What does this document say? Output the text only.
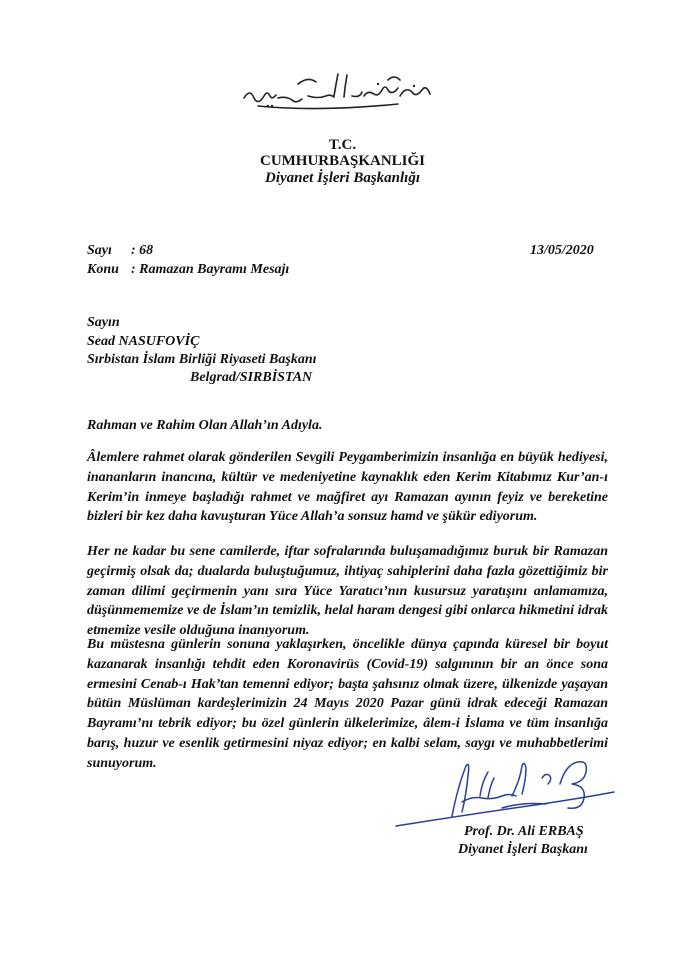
T.C.
CUMHURBAŞKANLIĞI
Diyanet İşleri Başkanlığı
Sayı : 68
Konu : Ramazan Bayramı Mesajı
13/05/2020
Sayın
Sead NASUFOVİÇ
Sırbistan İslam Birliği Riyaseti Başkanı
Belgrad/SIRBİSTAN
Rahman ve Rahim Olan Allah’ın Adıyla.

Âlemlere rahmet olarak gönderilen Sevgili Peygamberimizin insanlığa en büyük hediyesi, inananların inancına, kültür ve medeniyetine kaynaklık eden Kerim Kitabımız Kur’an-ı Kerim’in inmeye başladığı rahmet ve mağfiret ayı Ramazan ayının feyiz ve bereketine bizleri bir kez daha kavuşturan Yüce Allah’a sonsuz hamd ve şükür ediyorum.

Her ne kadar bu sene camilerde, iftar sofralarında buluşamadığımız buruk bir Ramazan geçirmiş olsak da; dualarda buluştuğumuz, ihtiyaç sahiplerini daha fazla gözettiğimiz bir zaman dilimi geçirmenin yanı sıra Yüce Yaratıcı’nın kusursuz yaratışını anlamamıza, düşünmememize ve de İslam’ın temizlik, helal haram dengesi gibi onlarca hikmetini idrak etmemize vesile olduğuna inanıyorum.

Bu müstesna günlerin sonuna yaklaşırken, öncelikle dünya çapında küresel bir boyut kazanarak insanlığı tehdit eden Koronavirüs (Covid-19) salgınının bir an önce sona ermesini Cenab-ı Hak’tan temenni ediyor; başta şahsınız olmak üzere, ülkenizde yaşayan bütün Müslüman kardeşlerimizin 24 Mayıs 2020 Pazar günü idrak edeceği Ramazan Bayramı’nı tebrik ediyor; bu özel günlerin ülkelerimize, âlem-i İslama ve tüm insanlığa barış, huzur ve esenlik getirmesini niyaz ediyor; en kalbi selam, saygı ve muhabbetlerimi sunuyorum.

Prof. Dr. Ali ERBAŞ
Diyanet İşleri Başkanı
